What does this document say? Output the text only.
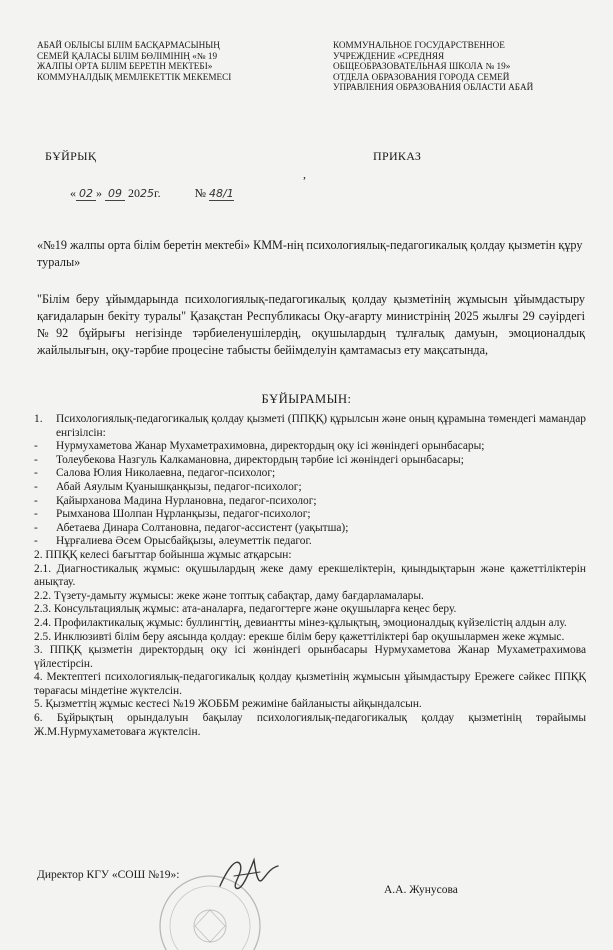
АБАЙ ОБЛЫСЫ БІЛІМ БАСҚАРМАСЫНЫҢ
СЕМЕЙ ҚАЛАСЫ БІЛІМ БӨЛІМІНІҢ «№ 19
ЖАЛПЫ ОРТА БІЛІМ БЕРЕТІН МЕКТЕБІ»
КОММУНАЛДЫҚ МЕМЛЕКЕТТІК МЕКЕМЕСІ
КОММУНАЛЬНОЕ ГОСУДАРСТВЕННОЕ
УЧРЕЖДЕНИЕ «СРЕДНЯЯ
ОБЩЕОБРАЗОВАТЕЛЬНАЯ ШКОЛА № 19»
ОТДЕЛА ОБРАЗОВАНИЯ ГОРОДА СЕМЕЙ
УПРАВЛЕНИЯ ОБРАЗОВАНИЯ ОБЛАСТИ АБАЙ
БҰЙРЫҚ	ПРИКАЗ
,
« 02 » 09 2025г.	№ 48/1
«№19 жалпы орта білім беретін мектебі» КММ-нің психологиялық-педагогикалық қолдау қызметін құру туралы»
"Білім беру ұйымдарында психологиялық-педагогикалық қолдау қызметінің жұмысын ұйымдастыру қағидаларын бекіту туралы" Қазақстан Республикасы Оқу-ағарту министрінің 2025 жылғы 29 сәуірдегі №92 бұйрығы негізінде тәрбиеленушілердің, оқушылардың тұлғалық дамуын, эмоционалдық жайлылығын, оқу-тәрбие процесіне табысты бейімделуін қамтамасыз ету мақсатында,
БҰЙЫРАМЫН:
1.	Психологиялық-педагогикалық қолдау қызметі (ППҚҚ) құрылсын және оның құрамына төмендегі мамандар енгізілсін:
-	Нурмухаметова Жанар Мухаметрахимовна, директордың оқу ісі жөніндегі орынбасары;
-	Толеубекова Назгуль Калкамановна, директордың тәрбие ісі жөніндегі орынбасары;
-	Салова Юлия Николаевна, педагог-психолог;
-	Абай Аяулым Қуанышқанқызы, педагог-психолог;
-	Қайырханова Мадина Нурлановна, педагог-психолог;
-	Рымханова Шолпан Нұрланқызы, педагог-психолог;
-	Абетаева Динара Солтановна, педагог-ассистент (уақытша);
-	Нұрғалиева Әсем Орысбайқызы, әлеуметтік педагог.
2. ППҚҚ келесі бағыттар бойынша жұмыс атқарсын:
2.1. Диагностикалық жұмыс: оқушылардың жеке даму ерекшеліктерін, қиындықтарын және қажеттіліктерін анықтау.
2.2. Түзету-дамыту жұмысы: жеке және топтық сабақтар, даму бағдарламалары.
2.3. Консультациялық жұмыс: ата-аналарға, педагогтерге және оқушыларға кеңес беру.
2.4. Профилактикалық жұмыс: буллингтің, девиантты мінез-құлықтың, эмоционалдық күйзелістің алдын алу.
2.5. Инклюзивті білім беру аясында қолдау: ерекше білім беру қажеттіліктері бар оқушылармен жеке жұмыс.
3. ППҚҚ қызметін директордың оқу ісі жөніндегі орынбасары Нурмухаметова Жанар Мухаметрахимова үйлестірсін.
4. Мектептегі психологиялық-педагогикалық қолдау қызметінің жұмысын ұйымдастыру Ережеге сәйкес ППҚҚ төрағасы міндетіне жүктелсін.
5. Қызметтің жұмыс кестесі №19 ЖОББМ режиміне байланысты айқындалсын.
6. Бұйрықтың орындалуын бақылау психологиялық-педагогикалық қолдау қызметінің төрайымы Ж.М.Нурмухаметоваға жүктелсін.
Директор КГУ «СОШ №19»:
А.А. Жунусова
